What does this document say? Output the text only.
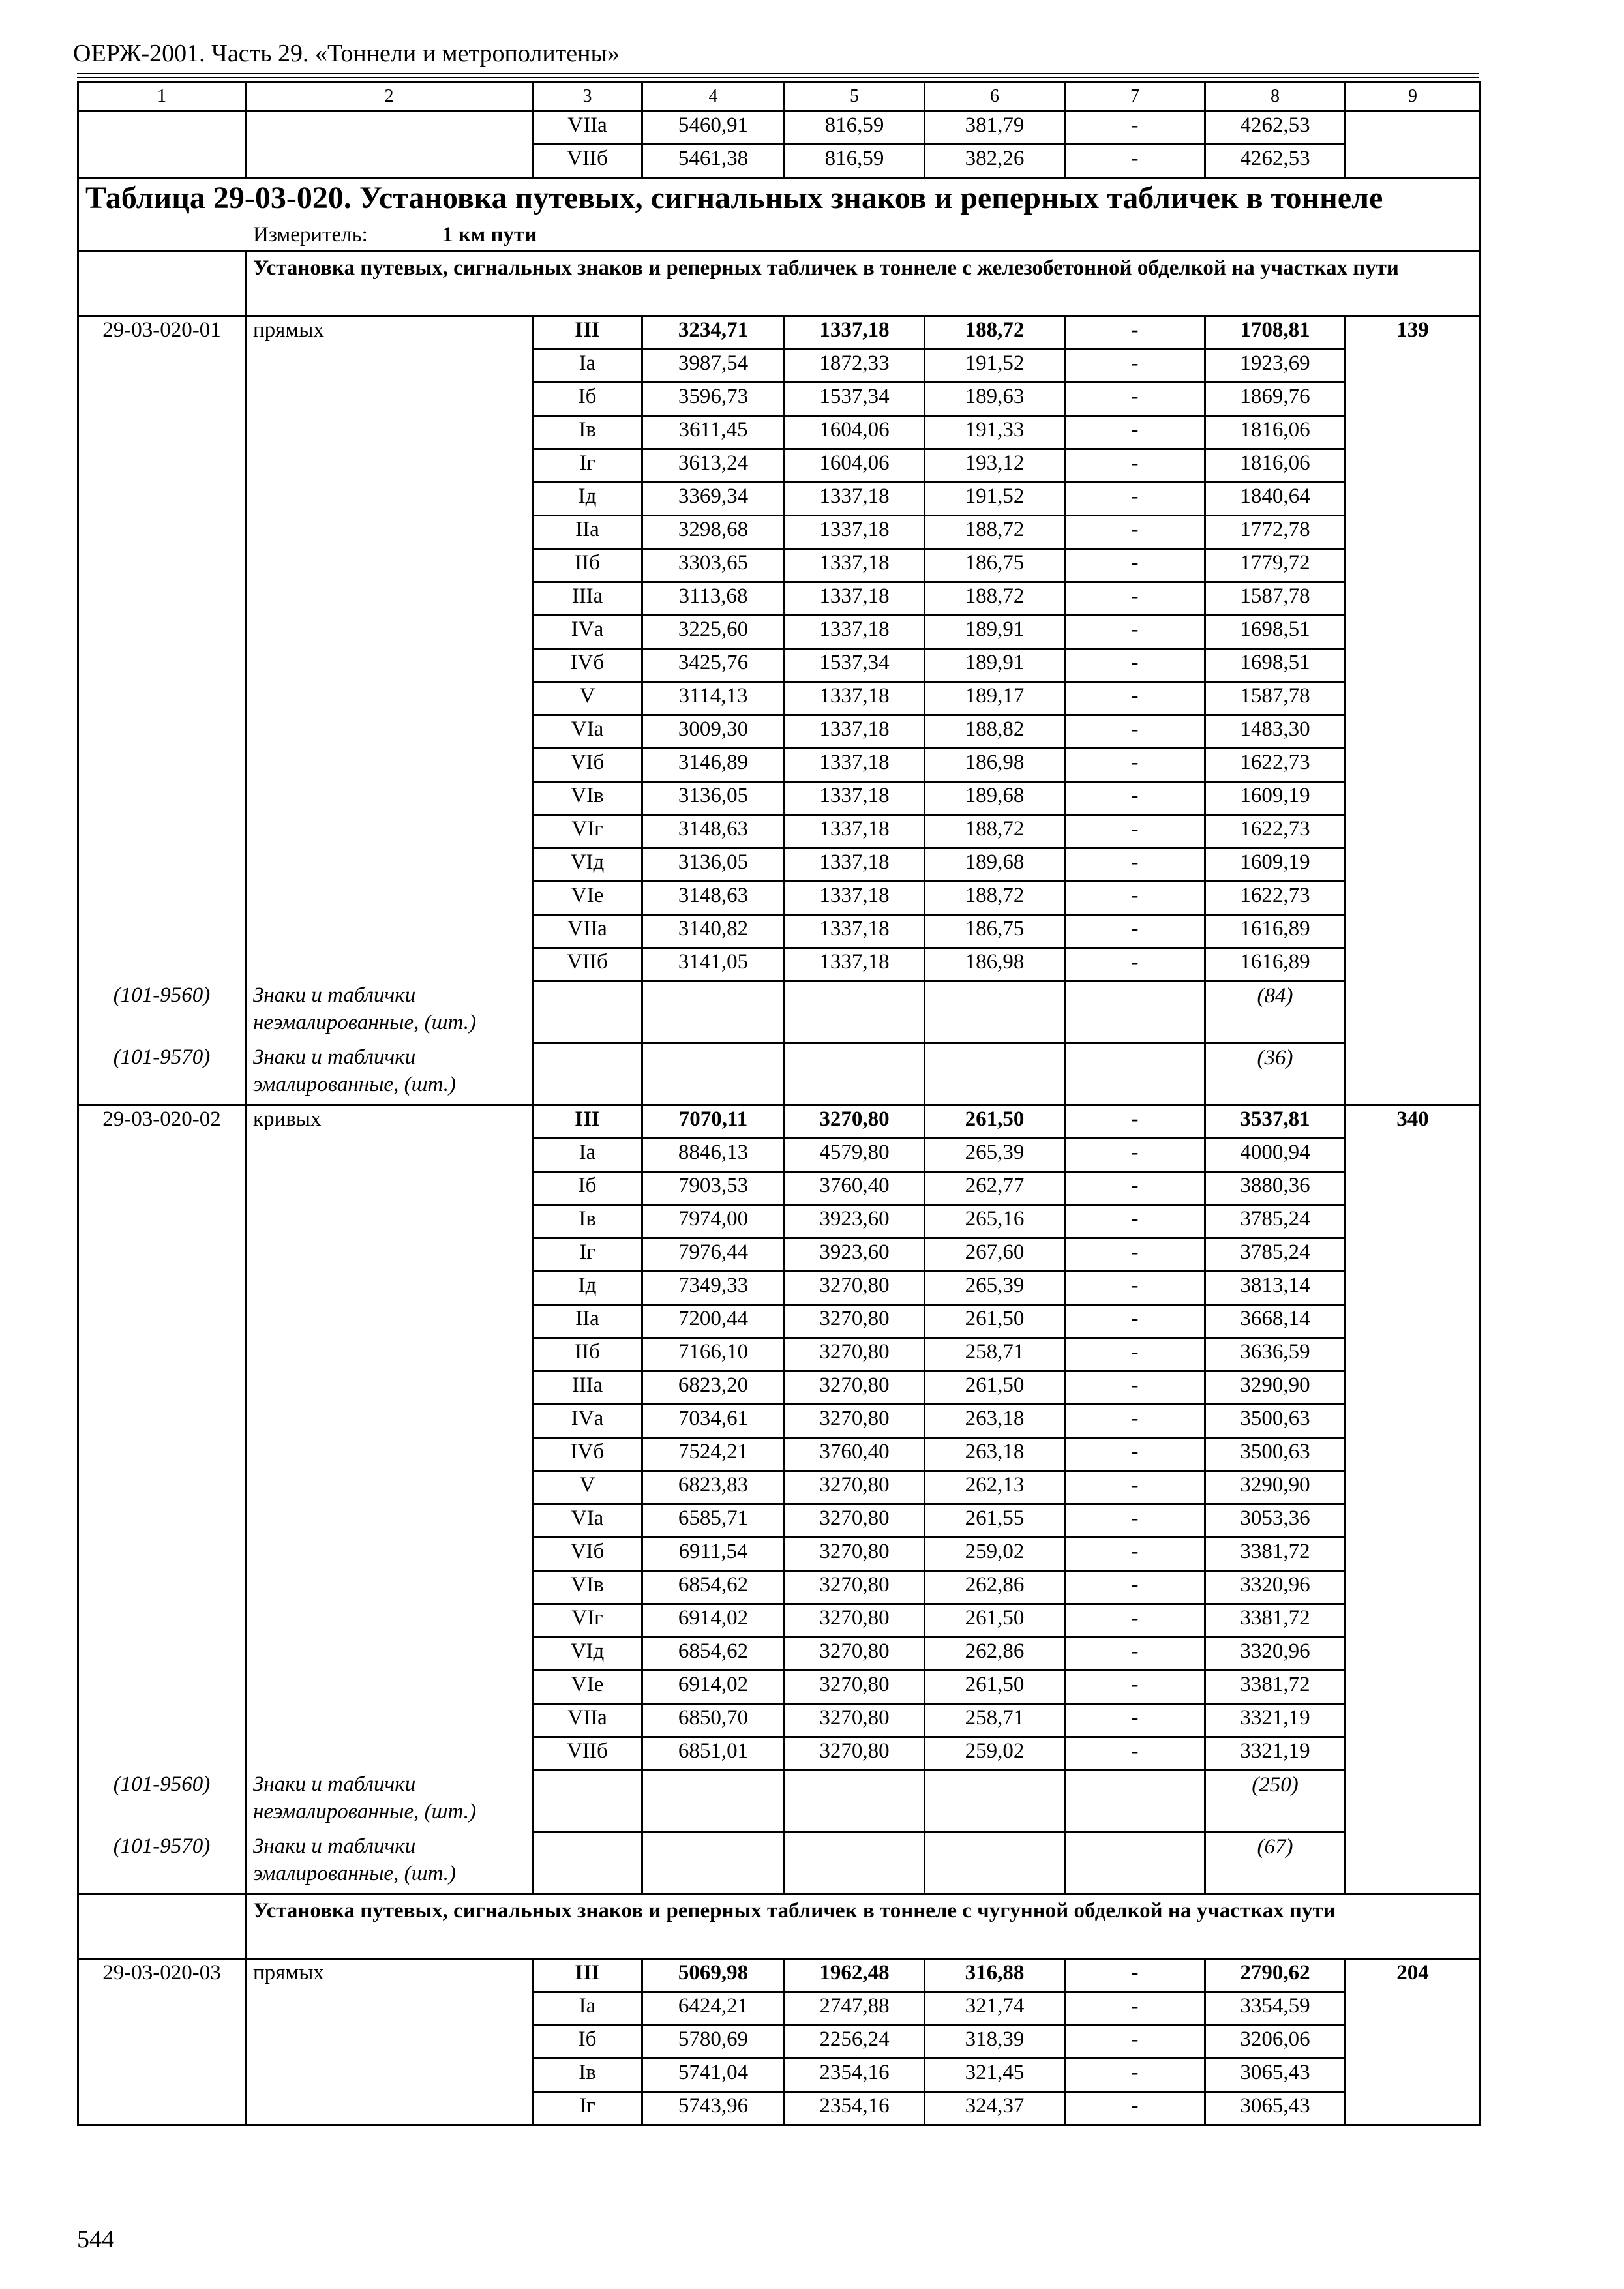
ОЕРЖ-2001. Часть 29. «Тоннели и метрополитены»
1	2	3	4	5	6	7	8	9
		VIIа	5460,91	816,59	381,79	-	4262,53	
		VIIб	5461,38	816,59	382,26	-	4262,53	
Таблица 29-03-020. Установка путевых, сигнальных знаков и реперных табличек в тоннеле								
Измеритель: 1 км пути								
	Установка путевых, сигнальных знаков и реперных табличек в тоннеле с железобетонной обделкой на участках пути							
29-03-020-01	прямых	III	3234,71	1337,18	188,72	-	1708,81	139
		Iа	3987,54	1872,33	191,52	-	1923,69	
		Iб	3596,73	1537,34	189,63	-	1869,76	
		Iв	3611,45	1604,06	191,33	-	1816,06	
		Iг	3613,24	1604,06	193,12	-	1816,06	
		Iд	3369,34	1337,18	191,52	-	1840,64	
		IIа	3298,68	1337,18	188,72	-	1772,78	
		IIб	3303,65	1337,18	186,75	-	1779,72	
		IIIа	3113,68	1337,18	188,72	-	1587,78	
		IVа	3225,60	1337,18	189,91	-	1698,51	
		IVб	3425,76	1537,34	189,91	-	1698,51	
		V	3114,13	1337,18	189,17	-	1587,78	
		VIа	3009,30	1337,18	188,82	-	1483,30	
		VIб	3146,89	1337,18	186,98	-	1622,73	
		VIв	3136,05	1337,18	189,68	-	1609,19	
		VIг	3148,63	1337,18	188,72	-	1622,73	
		VIд	3136,05	1337,18	189,68	-	1609,19	
		VIе	3148,63	1337,18	188,72	-	1622,73	
		VIIа	3140,82	1337,18	186,75	-	1616,89	
		VIIб	3141,05	1337,18	186,98	-	1616,89	
(101-9560)	Знаки и таблички неэмалированные, (шт.)						(84)	
(101-9570)	Знаки и таблички эмалированные, (шт.)						(36)	
29-03-020-02	кривых	III	7070,11	3270,80	261,50	-	3537,81	340
		Iа	8846,13	4579,80	265,39	-	4000,94	
		Iб	7903,53	3760,40	262,77	-	3880,36	
		Iв	7974,00	3923,60	265,16	-	3785,24	
		Iг	7976,44	3923,60	267,60	-	3785,24	
		Iд	7349,33	3270,80	265,39	-	3813,14	
		IIа	7200,44	3270,80	261,50	-	3668,14	
		IIб	7166,10	3270,80	258,71	-	3636,59	
		IIIа	6823,20	3270,80	261,50	-	3290,90	
		IVа	7034,61	3270,80	263,18	-	3500,63	
		IVб	7524,21	3760,40	263,18	-	3500,63	
		V	6823,83	3270,80	262,13	-	3290,90	
		VIа	6585,71	3270,80	261,55	-	3053,36	
		VIб	6911,54	3270,80	259,02	-	3381,72	
		VIв	6854,62	3270,80	262,86	-	3320,96	
		VIг	6914,02	3270,80	261,50	-	3381,72	
		VIд	6854,62	3270,80	262,86	-	3320,96	
		VIе	6914,02	3270,80	261,50	-	3381,72	
		VIIа	6850,70	3270,80	258,71	-	3321,19	
		VIIб	6851,01	3270,80	259,02	-	3321,19	
(101-9560)	Знаки и таблички неэмалированные, (шт.)						(250)	
(101-9570)	Знаки и таблички эмалированные, (шт.)						(67)	
	Установка путевых, сигнальных знаков и реперных табличек в тоннеле с чугунной обделкой на участках пути							
29-03-020-03	прямых	III	5069,98	1962,48	316,88	-	2790,62	204
		Iа	6424,21	2747,88	321,74	-	3354,59	
		Iб	5780,69	2256,24	318,39	-	3206,06	
		Iв	5741,04	2354,16	321,45	-	3065,43	
		Iг	5743,96	2354,16	324,37	-	3065,43	
544
